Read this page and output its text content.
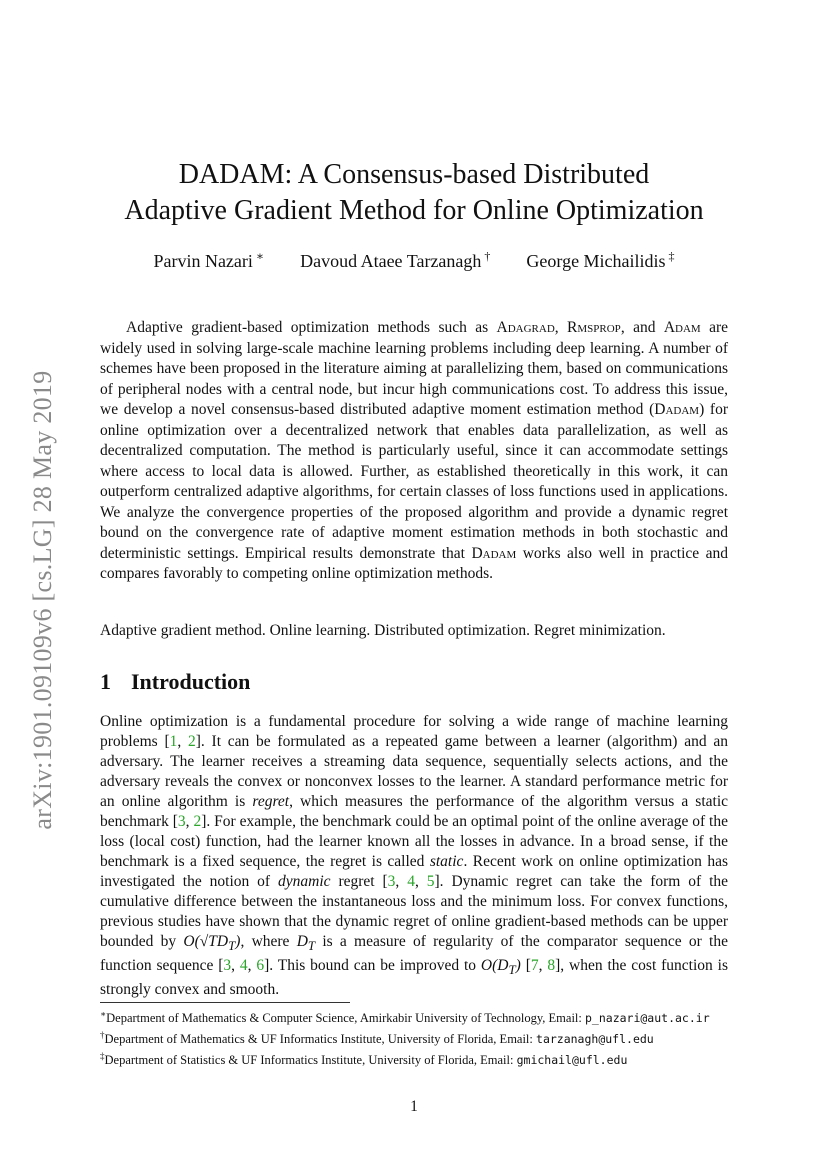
arXiv:1901.09109v6 [cs.LG] 28 May 2019
DADAM: A Consensus-based Distributed
Adaptive Gradient Method for Online Optimization
Parvin Nazari ∗ Davoud Ataee Tarzanagh † George Michailidis ‡

Adaptive gradient-based optimization methods such as Adagrad, Rmsprop, and Adam are widely used in solving large-scale machine learning problems including deep learning. A number of schemes have been proposed in the literature aiming at parallelizing them, based on communications of peripheral nodes with a central node, but incur high communications cost. To address this issue, we develop a novel consensus-based distributed adaptive moment estimation method (Dadam) for online optimization over a decentralized network that enables data parallelization, as well as decentralized computation. The method is particularly useful, since it can accommodate settings where access to local data is allowed. Further, as established theoretically in this work, it can outperform centralized adaptive algorithms, for certain classes of loss functions used in applications. We analyze the convergence properties of the proposed algorithm and provide a dynamic regret bound on the convergence rate of adaptive moment estimation methods in both stochastic and deterministic settings. Empirical results demonstrate that Dadam works also well in practice and compares favorably to competing online optimization methods.

Adaptive gradient method. Online learning. Distributed optimization. Regret minimization.
1 Introduction
Online optimization is a fundamental procedure for solving a wide range of machine learning problems [1, 2]. It can be formulated as a repeated game between a learner (algorithm) and an adversary. The learner receives a streaming data sequence, sequentially selects actions, and the adversary reveals the convex or nonconvex losses to the learner. A standard performance metric for an online algorithm is regret, which measures the performance of the algorithm versus a static benchmark [3, 2]. For example, the benchmark could be an optimal point of the online average of the loss (local cost) function, had the learner known all the losses in advance. In a broad sense, if the benchmark is a fixed sequence, the regret is called static. Recent work on online optimization has investigated the notion of dynamic regret [3, 4, 5]. Dynamic regret can take the form of the cumulative difference between the instantaneous loss and the minimum loss. For convex functions, previous studies have shown that the dynamic regret of online gradient-based methods can be upper bounded by $O(√TD_T)$, where $D_T$ is a measure of regularity of the comparator sequence or the function sequence [3, 4, 6]. This bound can be improved to $O(D_T)$ [7, 8], when the cost function is strongly convex and smooth.

∗Department of Mathematics & Computer Science, Amirkabir University of Technology, Email: p_nazari@aut.ac.ir

†Department of Mathematics & UF Informatics Institute, University of Florida, Email: tarzanagh@ufl.edu

‡Department of Statistics & UF Informatics Institute, University of Florida, Email: gmichail@ufl.edu

1
